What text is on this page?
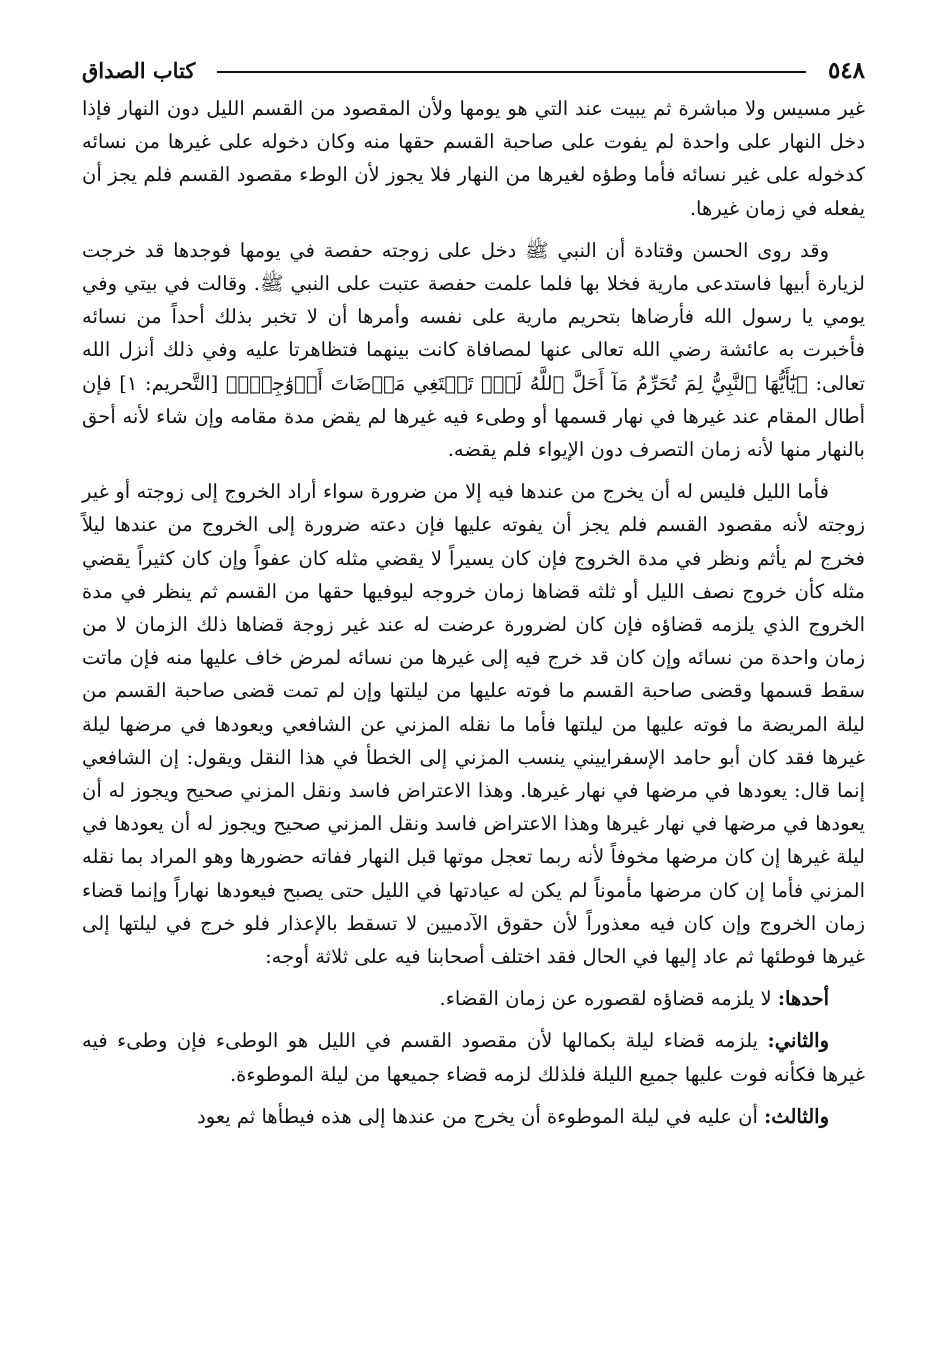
٥٤٨
كتاب الصداق

غير مسيس ولا مباشرة ثم يبيت عند التي هو يومها ولأن المقصود من القسم الليل دون النهار فإذا دخل النهار على واحدة لم يفوت على صاحبة القسم حقها منه وكان دخوله على غيرها من نسائه كدخوله على غير نسائه فأما وطؤه لغيرها من النهار فلا يجوز لأن الوطء مقصود القسم فلم يجز أن يفعله في زمان غيرها.

وقد روى الحسن وقتادة أن النبي ﷺ دخل على زوجته حفصة في يومها فوجدها قد خرجت لزيارة أبيها فاستدعى مارية فخلا بها فلما علمت حفصة عتبت على النبي ﷺ. وقالت في بيتي وفي يومي يا رسول الله فأرضاها بتحريم مارية على نفسه وأمرها أن لا تخبر بذلك أحداً من نسائه فأخبرت به عائشة رضي الله تعالى عنها لمصافاة كانت بينهما فتظاهرتا عليه وفي ذلك أنزل الله تعالى: ﴿يَٰٓأَيُّهَا ٱلنَّبِيُّ لِمَ تُحَرِّمُ مَآ أَحَلَّ ٱللَّهُ لَكَۖ تَبۡتَغِي مَرۡضَاتَ أَزۡوَٰجِكَۚ﴾ [التَّحريم: ١] فإن أطال المقام عند غيرها في نهار قسمها أو وطىء فيه غيرها لم يقض مدة مقامه وإن شاء لأنه أحق بالنهار منها لأنه زمان التصرف دون الإيواء فلم يقضه.

فأما الليل فليس له أن يخرج من عندها فيه إلا من ضرورة سواء أراد الخروج إلى زوجته أو غير زوجته لأنه مقصود القسم فلم يجز أن يفوته عليها فإن دعته ضرورة إلى الخروج من عندها ليلاً فخرج لم يأثم ونظر في مدة الخروج فإن كان يسيراً لا يقضي مثله كان عفواً وإن كان كثيراً يقضي مثله كأن خروج نصف الليل أو ثلثه قضاها زمان خروجه ليوفيها حقها من القسم ثم ينظر في مدة الخروج الذي يلزمه قضاؤه فإن كان لضرورة عرضت له عند غير زوجة قضاها ذلك الزمان لا من زمان واحدة من نسائه وإن كان قد خرج فيه إلى غيرها من نسائه لمرض خاف عليها منه فإن ماتت سقط قسمها وقضى صاحبة القسم ما فوته عليها من ليلتها وإن لم تمت قضى صاحبة القسم من ليلة المريضة ما فوته عليها من ليلتها فأما ما نقله المزني عن الشافعي ويعودها في مرضها ليلة غيرها فقد كان أبو حامد الإسفراييني ينسب المزني إلى الخطأ في هذا النقل ويقول: إن الشافعي إنما قال: يعودها في مرضها في نهار غيرها. وهذا الاعتراض فاسد ونقل المزني صحيح ويجوز له أن يعودها في مرضها في نهار غيرها وهذا الاعتراض فاسد ونقل المزني صحيح ويجوز له أن يعودها في ليلة غيرها إن كان مرضها مخوفاً لأنه ربما تعجل موتها قبل النهار ففاته حضورها وهو المراد بما نقله المزني فأما إن كان مرضها مأموناً لم يكن له عيادتها في الليل حتى يصبح فيعودها نهاراً وإنما قضاء زمان الخروج وإن كان فيه معذوراً لأن حقوق الآدميين لا تسقط بالإعذار فلو خرج في ليلتها إلى غيرها فوطئها ثم عاد إليها في الحال فقد اختلف أصحابنا فيه على ثلاثة أوجه:

أحدها: لا يلزمه قضاؤه لقصوره عن زمان القضاء.

والثاني: يلزمه قضاء ليلة بكمالها لأن مقصود القسم في الليل هو الوطىء فإن وطىء فيه غيرها فكأنه فوت عليها جميع الليلة فلذلك لزمه قضاء جميعها من ليلة الموطوءة.

والثالث: أن عليه في ليلة الموطوءة أن يخرج من عندها إلى هذه فيطأها ثم يعود
